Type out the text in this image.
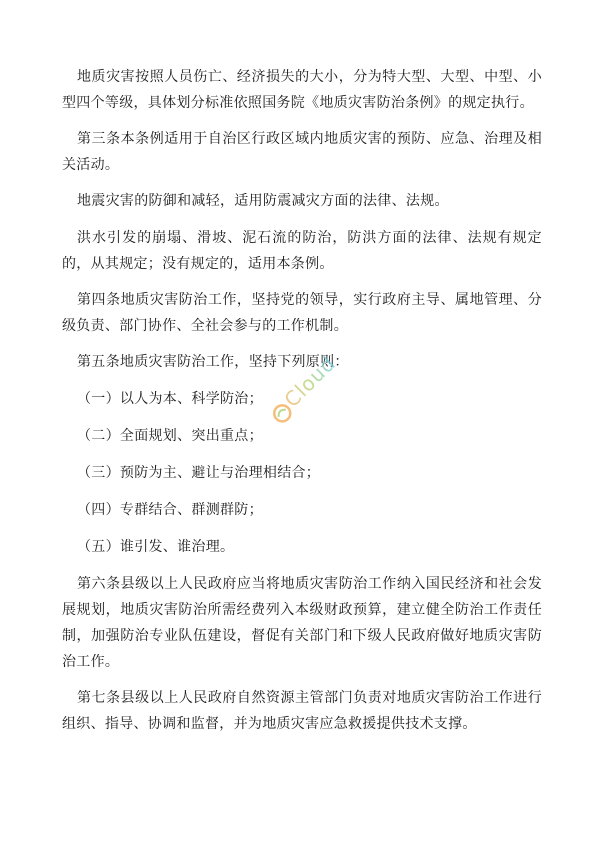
地质灾害按照人员伤亡、经济损失的大小，分为特大型、大型、中型、小型四个等级，具体划分标准依照国务院《地质灾害防治条例》的规定执行。

第三条本条例适用于自治区行政区域内地质灾害的预防、应急、治理及相关活动。

地震灾害的防御和减轻，适用防震减灾方面的法律、法规。

洪水引发的崩塌、滑坡、泥石流的防治，防洪方面的法律、法规有规定的，从其规定；没有规定的，适用本条例。

第四条地质灾害防治工作，坚持党的领导，实行政府主导、属地管理、分级负责、部门协作、全社会参与的工作机制。

第五条地质灾害防治工作，坚持下列原则：

（一）以人为本、科学防治；

（二）全面规划、突出重点；

（三）预防为主、避让与治理相结合；

（四）专群结合、群测群防；

（五）谁引发、谁治理。

第六条县级以上人民政府应当将地质灾害防治工作纳入国民经济和社会发展规划，地质灾害防治所需经费列入本级财政预算，建立健全防治工作责任制，加强防治专业队伍建设，督促有关部门和下级人民政府做好地质灾害防治工作。

第七条县级以上人民政府自然资源主管部门负责对地质灾害防治工作进行组织、指导、协调和监督，并为地质灾害应急救援提供技术支撑。

Cloud
